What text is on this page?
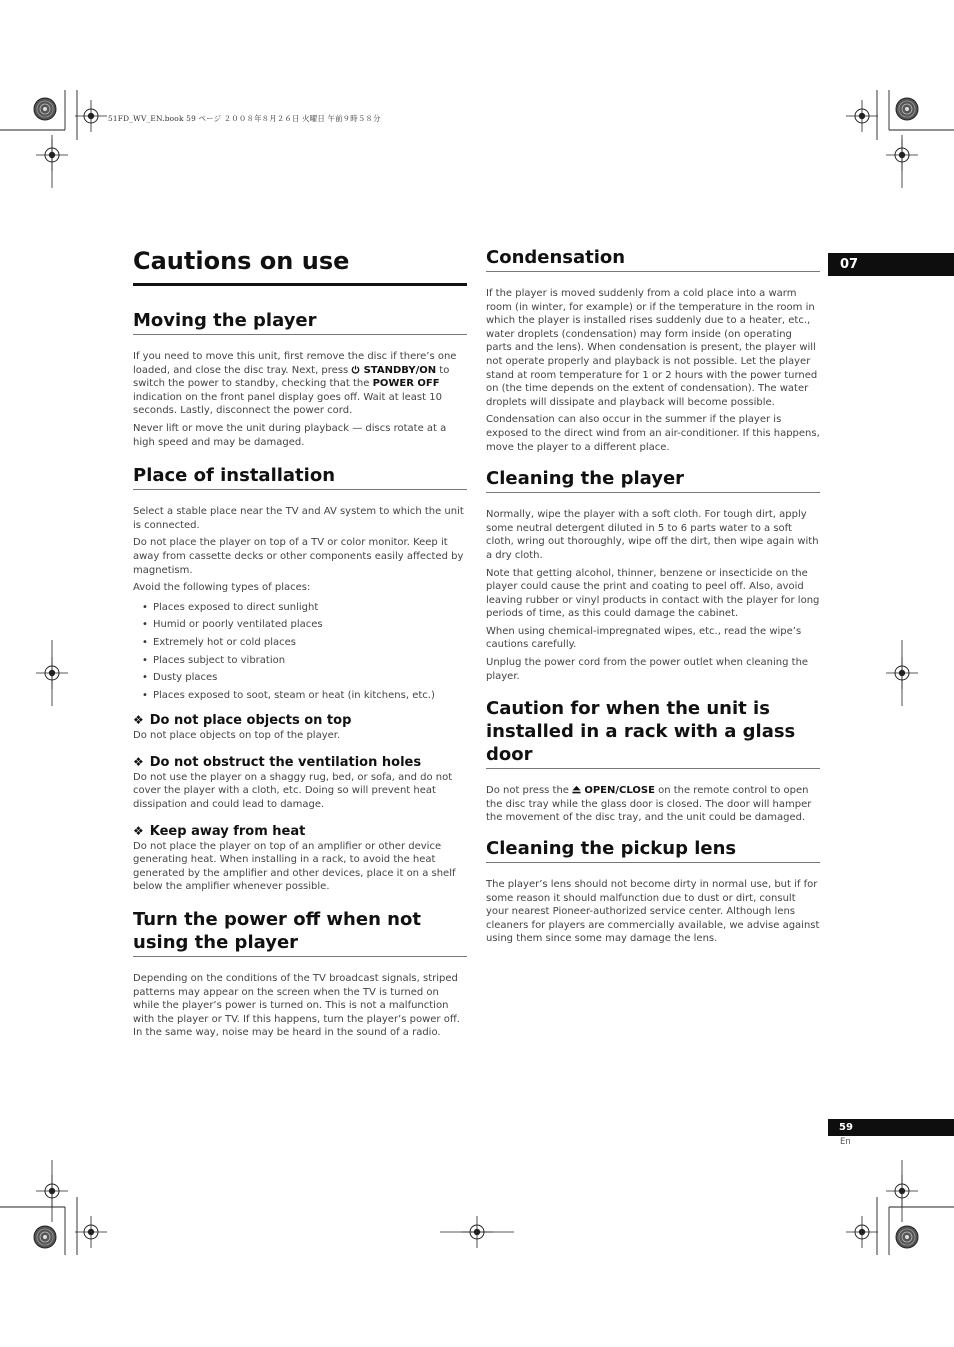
51FD_WV_EN.book 59 ページ ２００８年８月２６日 火曜日 午前９時５８分
Cautions on use
Moving the player

If you need to move this unit, first remove the disc if there’s one loaded, and close the disc tray. Next, press  STANDBY/ON to switch the power to standby, checking that the POWER OFF indication on the front panel display goes off. Wait at least 10 seconds. Lastly, disconnect the power cord.

Never lift or move the unit during playback — discs rotate at a high speed and may be damaged.

Place of installation

Select a stable place near the TV and AV system to which the unit is connected.

Do not place the player on top of a TV or color monitor. Keep it away from cassette decks or other components easily affected by magnetism.

Avoid the following types of places:

• Places exposed to direct sunlight
• Humid or poorly ventilated places
• Extremely hot or cold places
• Places subject to vibration
• Dusty places
• Places exposed to soot, steam or heat (in kitchens, etc.)
❖ Do not place objects on top

Do not place objects on top of the player.

❖ Do not obstruct the ventilation holes

Do not use the player on a shaggy rug, bed, or sofa, and do not cover the player with a cloth, etc. Doing so will prevent heat dissipation and could lead to damage.

❖ Keep away from heat

Do not place the player on top of an amplifier or other device generating heat. When installing in a rack, to avoid the heat generated by the amplifier and other devices, place it on a shelf below the amplifier whenever possible.

Turn the power off when not using the player

Depending on the conditions of the TV broadcast signals, striped patterns may appear on the screen when the TV is turned on while the player’s power is turned on. This is not a malfunction with the player or TV. If this happens, turn the player’s power off. In the same way, noise may be heard in the sound of a radio.

Condensation

If the player is moved suddenly from a cold place into a warm room (in winter, for example) or if the temperature in the room in which the player is installed rises suddenly due to a heater, etc., water droplets (condensation) may form inside (on operating parts and the lens). When condensation is present, the player will not operate properly and playback is not possible. Let the player stand at room temperature for 1 or 2 hours with the power turned on (the time depends on the extent of condensation). The water droplets will dissipate and playback will become possible.

Condensation can also occur in the summer if the player is exposed to the direct wind from an air-conditioner. If this happens, move the player to a different place.

Cleaning the player

Normally, wipe the player with a soft cloth. For tough dirt, apply some neutral detergent diluted in 5 to 6 parts water to a soft cloth, wring out thoroughly, wipe off the dirt, then wipe again with a dry cloth.

Note that getting alcohol, thinner, benzene or insecticide on the player could cause the print and coating to peel off. Also, avoid leaving rubber or vinyl products in contact with the player for long periods of time, as this could damage the cabinet.

When using chemical-impregnated wipes, etc., read the wipe’s cautions carefully.

Unplug the power cord from the power outlet when cleaning the player.

Caution for when the unit is installed in a rack with a glass door

Do not press the  OPEN/CLOSE on the remote control to open the disc tray while the glass door is closed. The door will hamper the movement of the disc tray, and the unit could be damaged.

Cleaning the pickup lens

The player’s lens should not become dirty in normal use, but if for some reason it should malfunction due to dust or dirt, consult your nearest Pioneer-authorized service center. Although lens cleaners for players are commercially available, we advise against using them since some may damage the lens.

07
59
En
